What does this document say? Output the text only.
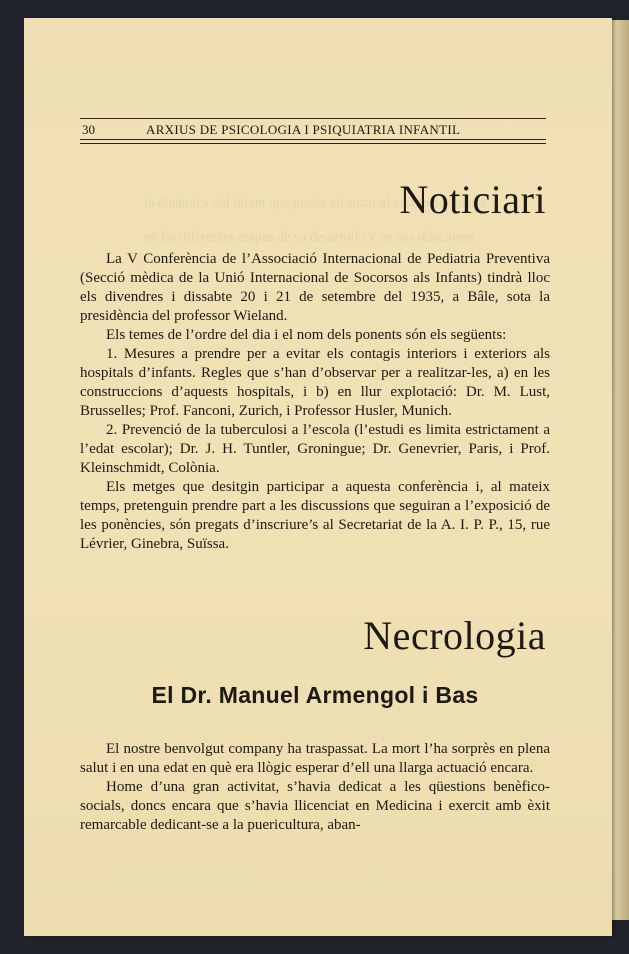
la dinámica del infant que puede alcanzar al estado adecuado
en las diferentes etapas de su desarrollo y en sus relaciones
30	ARXIUS DE PSICOLOGIA I PSIQUIATRIA INFANTIL
Noticiari

La V Conferència de l’Associació Internacional de Pediatria Preventiva (Secció mèdica de la Unió Internacional de Socorsos als Infants) tindrà lloc els divendres i dissabte 20 i 21 de setembre del 1935, a Bâle, sota la presidència del professor Wieland.

Els temes de l’ordre del dia i el nom dels ponents són els següents:

1. Mesures a prendre per a evitar els contagis interiors i exteriors als hospitals d’infants. Regles que s’han d’observar per a realitzar-les, a) en les construccions d’aquests hospitals, i b) en llur explotació: Dr. M. Lust, Brusselles; Prof. Fanconi, Zurich, i Professor Husler, Munich.

2. Prevenció de la tuberculosi a l’escola (l’estudi es limita estrictament a l’edat escolar); Dr. J. H. Tuntler, Groningue; Dr. Genevrier, Paris, i Prof. Kleinschmidt, Colònia.

Els metges que desitgin participar a aquesta conferència i, al mateix temps, pretenguin prendre part a les discussions que seguiran a l’exposició de les ponències, són pregats d’inscriure’s al Secretariat de la A. I. P. P., 15, rue Lévrier, Ginebra, Suïssa.

Necrologia
El Dr. Manuel Armengol i Bas

El nostre benvolgut company ha traspassat. La mort l’ha sorprès en plena salut i en una edat en què era llògic esperar d’ell una llarga actuació encara.

Home d’una gran activitat, s’havia dedicat a les qüestions benèfico-socials, doncs encara que s’havia llicenciat en Medicina i exercit amb èxit remarcable dedicant-se a la puericultura, aban-
